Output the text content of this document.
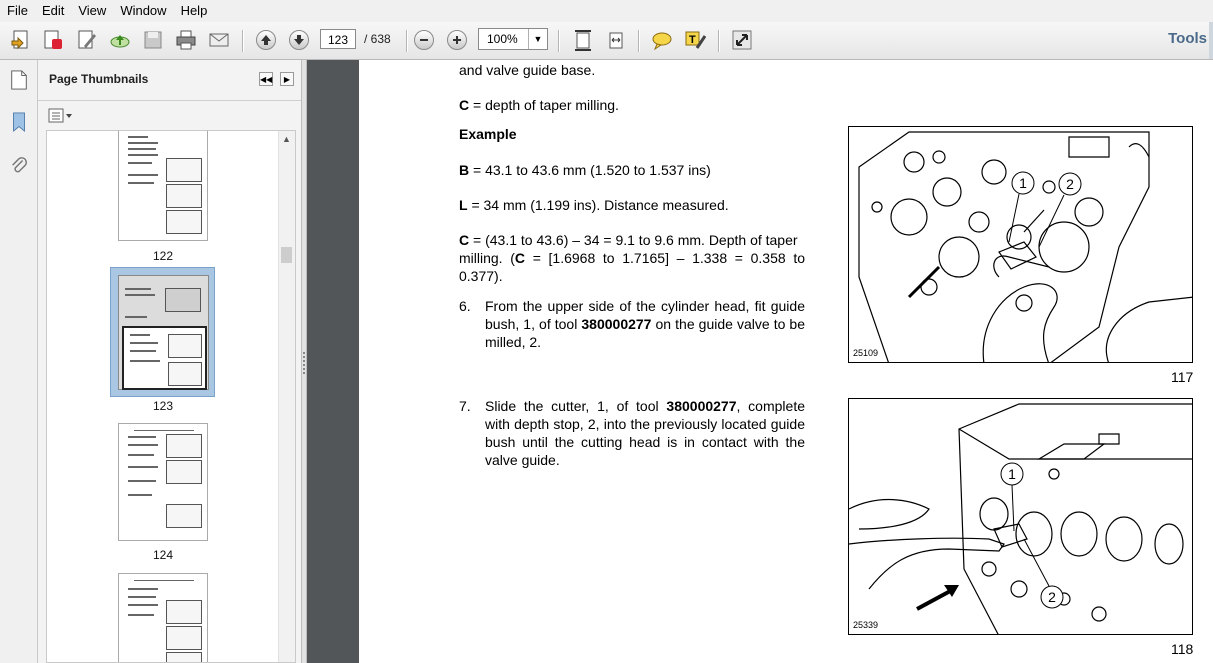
File	Edit	View	Window	Help
123	/ 638	100%	▼	T	Tools
Page Thumbnails	◀◀	▶
122
123
124
▲
and valve guide base.
C = depth of taper milling.
Example
B = 43.1 to 43.6 mm (1.520 to 1.537 ins)
L = 34 mm (1.199 ins). Distance measured.
C = (43.1 to 43.6) – 34 = 9.1 to 9.6 mm. Depth of taper
milling. (C = [1.6968 to 1.7165] – 1.338 = 0.358 to
0.377).
6. From the upper side of the cylinder head, fit guide bush, 1, of tool 380000277 on the guide valve to be milled, 2.
7. Slide the cutter, 1, of tool 380000277, complete with depth stop, 2, into the previously located guide bush until the cutting head is in contact with the valve guide.
1	2
25109
117
1
2
25339
118
